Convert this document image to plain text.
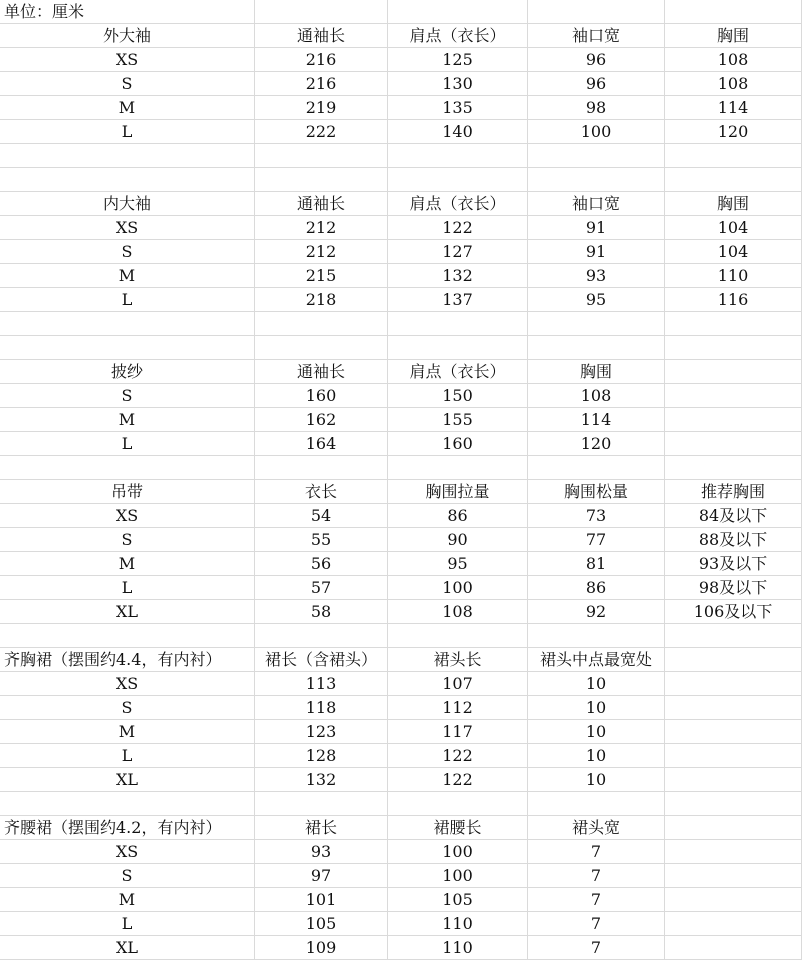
单位：厘米
外大袖	通袖长	肩点（衣长）	袖口宽	胸围
XS	216	125	96	108
S	216	130	96	108
M	219	135	98	114
L	222	140	100	120
内大袖	通袖长	肩点（衣长）	袖口宽	胸围
XS	212	122	91	104
S	212	127	91	104
M	215	132	93	110
L	218	137	95	116
披纱	通袖长	肩点（衣长）	胸围
S	160	150	108
M	162	155	114
L	164	160	120
吊带	衣长	胸围拉量	胸围松量	推荐胸围
XS	54	86	73	84及以下
S	55	90	77	88及以下
M	56	95	81	93及以下
L	57	100	86	98及以下
XL	58	108	92	106及以下
齐胸裙（摆围约4.4，有内衬）	裙长（含裙头）	裙头长	裙头中点最宽处
XS	113	107	10
S	118	112	10
M	123	117	10
L	128	122	10
XL	132	122	10
齐腰裙（摆围约4.2，有内衬）	裙长	裙腰长	裙头宽
XS	93	100	7
S	97	100	7
M	101	105	7
L	105	110	7
XL	109	110	7
